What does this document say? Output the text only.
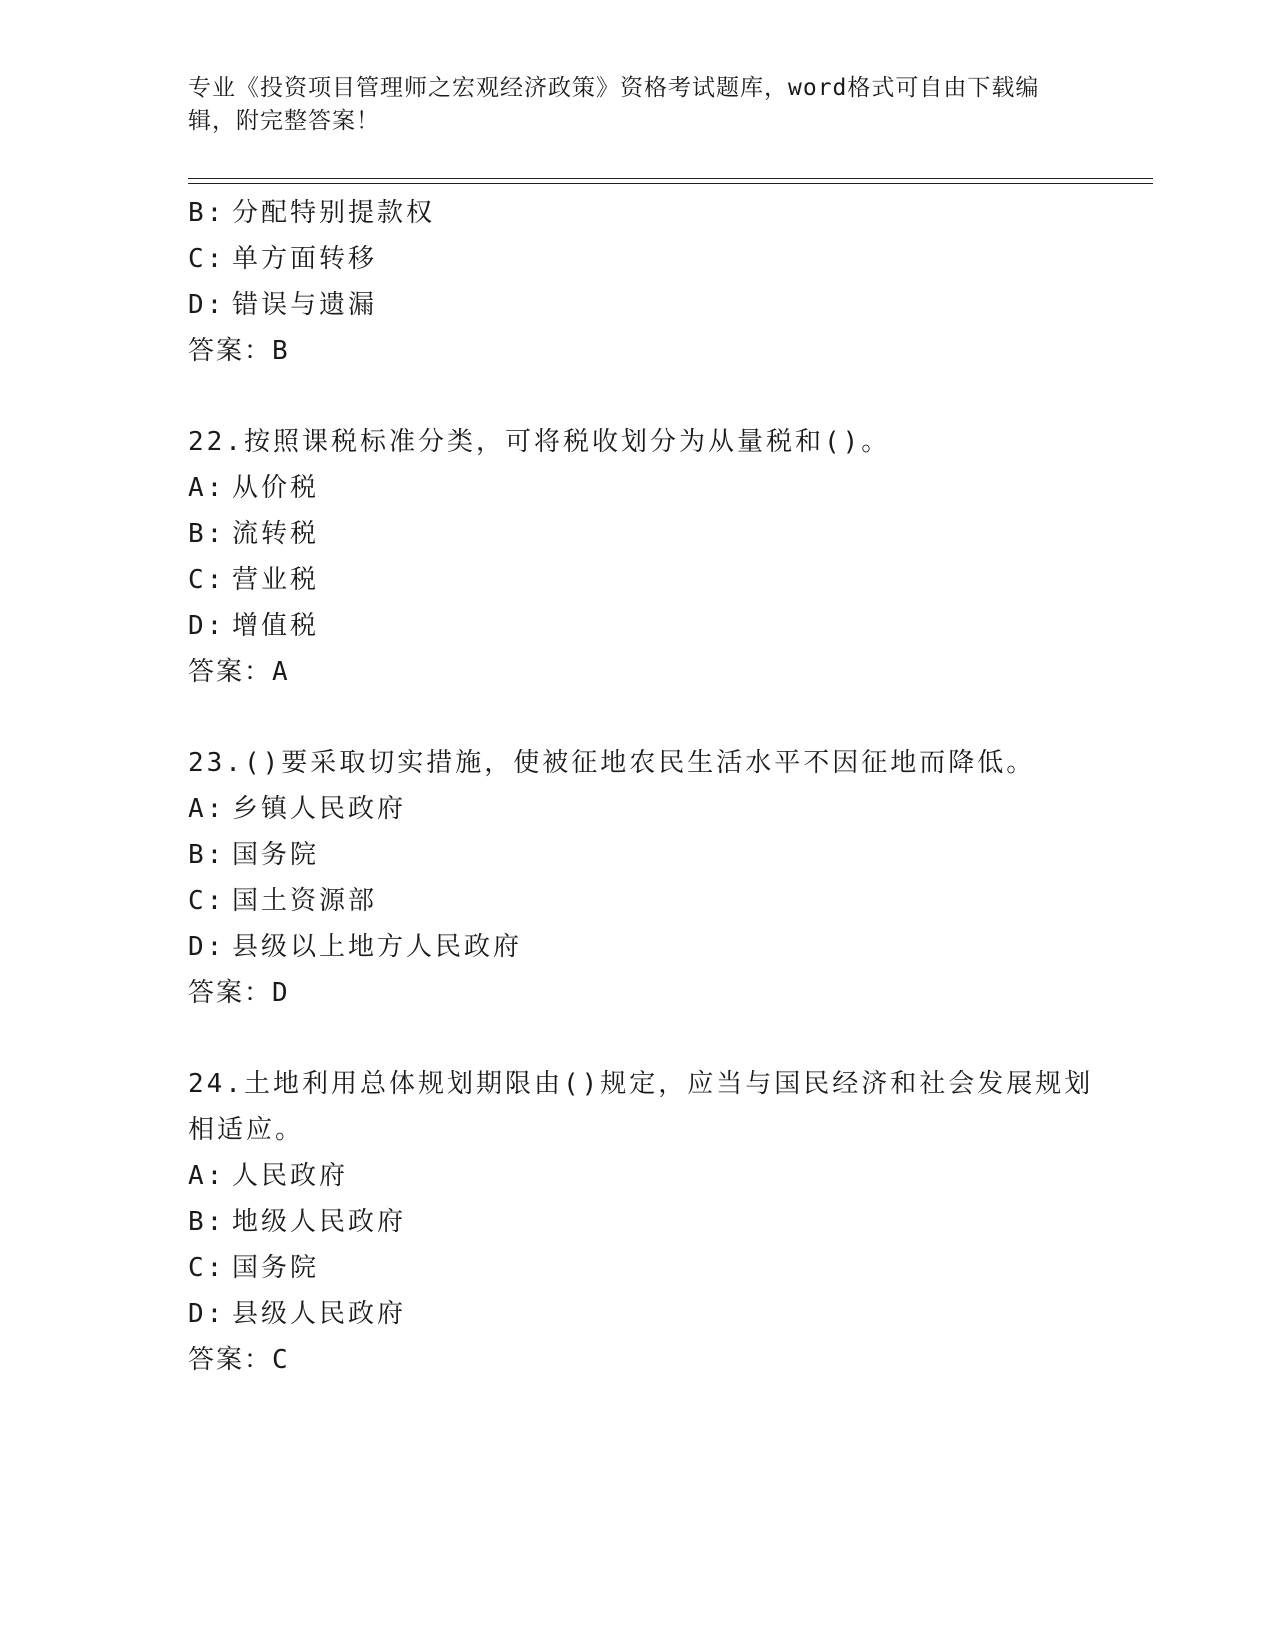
专业《投资项目管理师之宏观经济政策》资格考试题库，word格式可自由下载编
辑，附完整答案！
B: 分配特别提款权
C: 单方面转移
D: 错误与遗漏
答案：B
22.按照课税标准分类，可将税收划分为从量税和()。
A: 从价税
B: 流转税
C: 营业税
D: 增值税
答案：A
23.()要采取切实措施，使被征地农民生活水平不因征地而降低。
A: 乡镇人民政府
B: 国务院
C: 国土资源部
D: 县级以上地方人民政府
答案：D
24.土地利用总体规划期限由()规定，应当与国民经济和社会发展规划
相适应。
A: 人民政府
B: 地级人民政府
C: 国务院
D: 县级人民政府
答案：C
